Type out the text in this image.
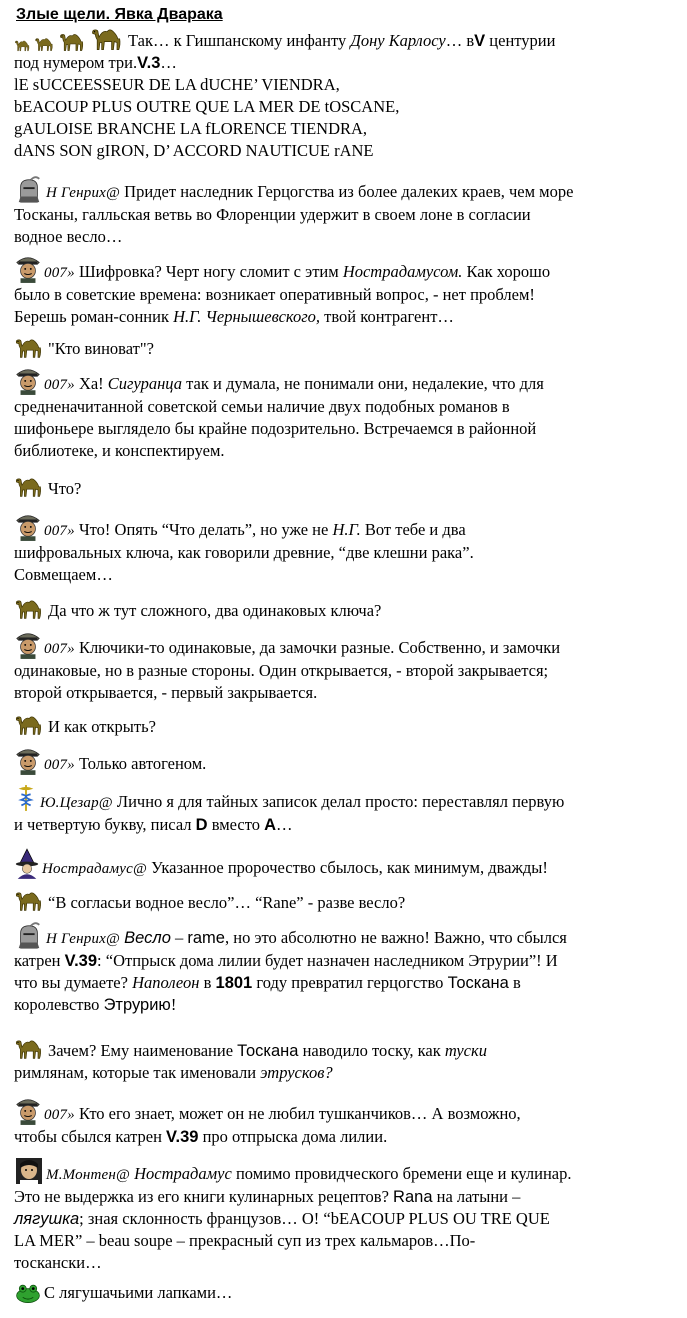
Злые щели. Явка Дварака
Так… к Гишпанскому инфанту Дону Карлосу… вV центурии
под нумером три.V.3…
lE sUCCEESSEUR DE LA dUCHE’ VIENDRA,
bEACOUP PLUS OUTRE QUE LA MER DE tOSCANE,
gAULOISE BRANCHE LA fLORENCE TIENDRA,
dANS SON gIRON, D’ ACCORD NAUTICUE rANE
H Генрих@ Придет наследник Герцогства из более далеких краев, чем море
Тосканы, галльская ветвь во Флоренции удержит в своем лоне в согласии
водное весло…
007» Шифровка? Черт ногу сломит с этим Нострадамусом. Как хорошо
было в советские времена: возникает оперативный вопрос, - нет проблем!
Берешь роман-сонник Н.Г. Чернышевского, твой контрагент…
"Кто виноват"?
007» Ха! Сигуранца так и думала, не понимали они, недалекие, что для
средненачитанной советской семьи наличие двух подобных романов в
шифоньере выглядело бы крайне подозрительно. Встречаемся в районной
библиотеке, и конспектируем.
Что?
007» Что! Опять “Что делать”, но уже не Н.Г. Вот тебе и два
шифровальных ключа, как говорили древние, “две клешни рака”.
Совмещаем…
Да что ж тут сложного, два одинаковых ключа?
007» Ключики-то одинаковые, да замочки разные. Собственно, и замочки
одинаковые, но в разные стороны. Один открывается, - второй закрывается;
второй открывается, - первый закрывается.
И как открыть?
007» Только автогеном.
Ю.Цезар@ Лично я для тайных записок делал просто: переставлял первую
и четвертую букву, писал D вместо A…
Нострадамус@ Указанное пророчество сбылось, как минимум, дважды!
“В согласьи водное весло”… “Rane” - разве весло?
H Генрих@ Весло – rame, но это абсолютно не важно! Важно, что сбылся
катрен V.39: “Отпрыск дома лилии будет назначен наследником Этрурии”! И
что вы думаете? Наполеон в 1801 году превратил герцогство Тоскана в
королевство Этрурию!
Зачем? Ему наименование Тоскана наводило тоску, как туски
римлянам, которые так именовали этрусков?
007» Кто его знает, может он не любил тушканчиков… А возможно,
чтобы сбылся катрен V.39 про отпрыска дома лилии.
М.Монтен@ Нострадамус помимо провидческого бремени еще и кулинар.
Это не выдержка из его книги кулинарных рецептов? Rana на латыни –
лягушка; зная склонность французов… О! “bEACOUP PLUS OU TRE QUE
LA MER” – beau soupe – прекрасный суп из трех кальмаров…По-
тоскански…
С лягушачьими лапками…
